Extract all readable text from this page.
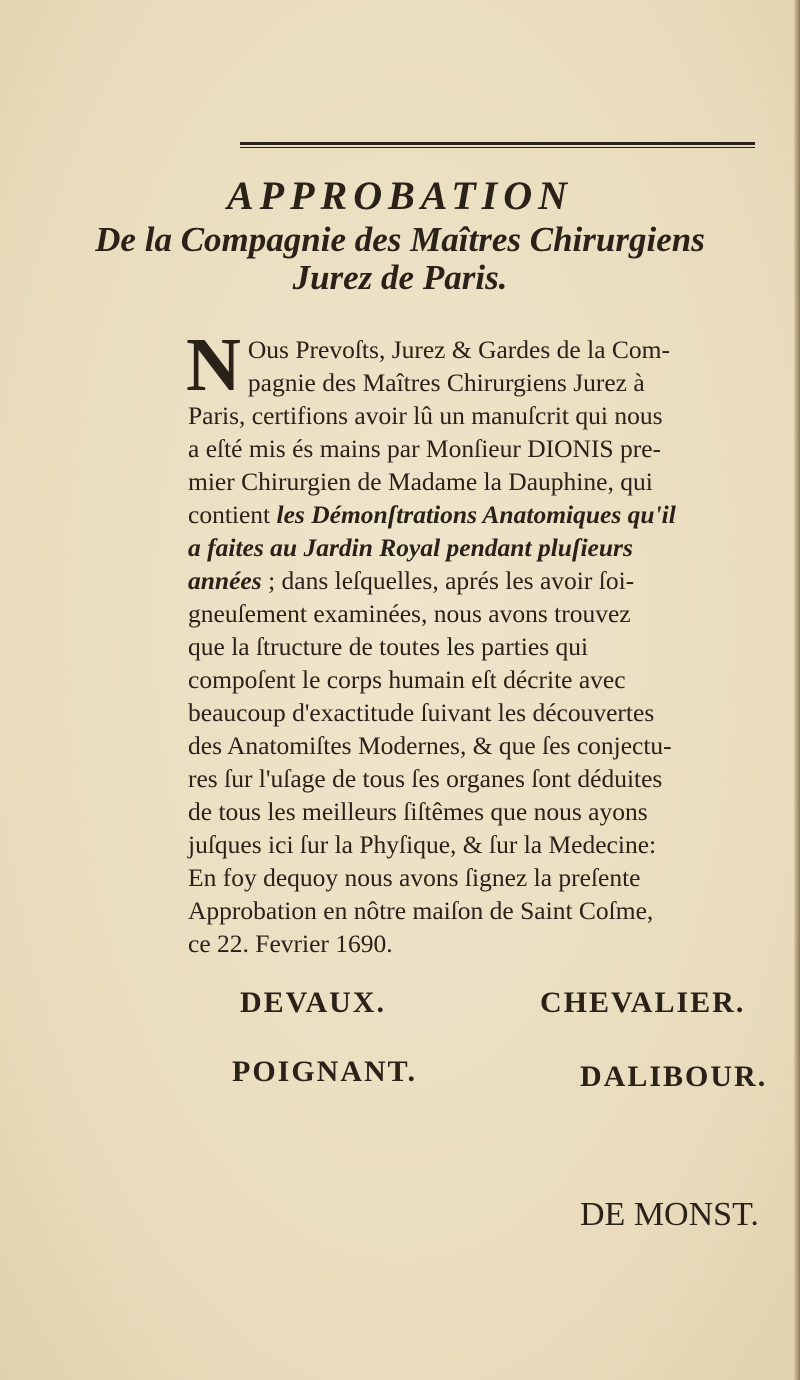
APPROBATION
De la Compagnie des Maîtres Chirurgiens
Jurez de Paris.
N Ous Prevoſts, Jurez & Gardes de la Com-
pagnie des Maîtres Chirurgiens Jurez à
Paris, certifions avoir lû un manuſcrit qui nous
a eſté mis és mains par Monſieur DIONIS pre-
mier Chirurgien de Madame la Dauphine, qui
contient les Démonſtrations Anatomiques qu'il
a faites au Jardin Royal pendant pluſieurs
années ; dans leſquelles, aprés les avoir ſoi-
gneuſement examinées, nous avons trouvez
que la ſtructure de toutes les parties qui
compoſent le corps humain eſt décrite avec
beaucoup d'exactitude ſuivant les découvertes
des Anatomiſtes Modernes, & que ſes conjectu-
res ſur l'uſage de tous ſes organes ſont déduites
de tous les meilleurs ſiſtêmes que nous ayons
juſques ici ſur la Phyſique, & ſur la Medecine:
En foy dequoy nous avons ſignez la preſente
Approbation en nôtre maiſon de Saint Coſme,
ce 22. Fevrier 1690.
DEVAUX.	CHEVALIER.
POIGNANT.	DALIBOUR.
DE MONST.
